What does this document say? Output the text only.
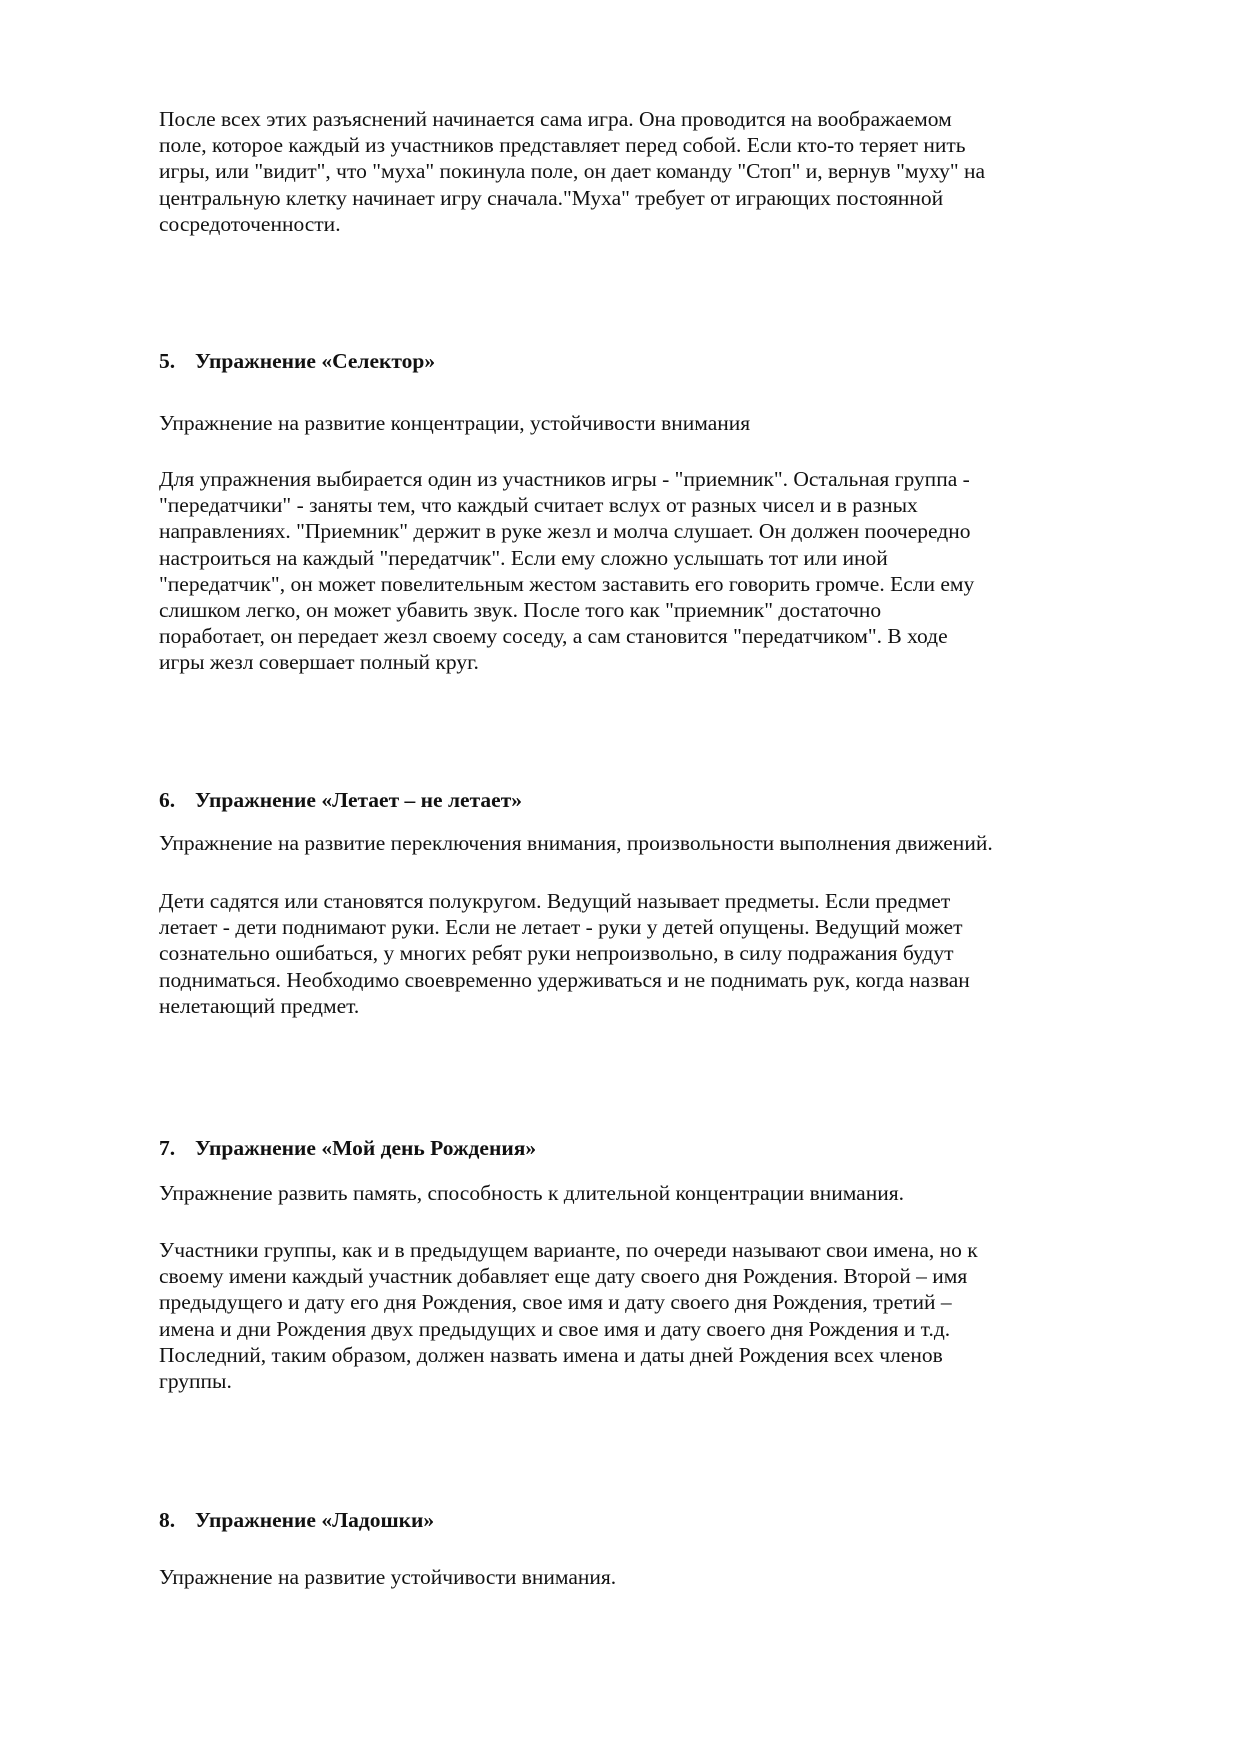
После всех этих разъяснений начинается сама игра. Она проводится на воображаемом
поле, которое каждый из участников представляет перед собой. Если кто-то теряет нить
игры, или "видит", что "муха" покинула поле, он дает команду "Стоп" и, вернув "муху" на
центральную клетку начинает игру сначала."Муха" требует от играющих постоянной
сосредоточенности.
5. Упражнение «Селектор»
Упражнение на развитие концентрации, устойчивости внимания
Для упражнения выбирается один из участников игры - "приемник". Остальная группа -
"передатчики" - заняты тем, что каждый считает вслух от разных чисел и в разных
направлениях. "Приемник" держит в руке жезл и молча слушает. Он должен поочередно
настроиться на каждый "передатчик". Если ему сложно услышать тот или иной
"передатчик", он может повелительным жестом заставить его говорить громче. Если ему
слишком легко, он может убавить звук. После того как "приемник" достаточно
поработает, он передает жезл своему соседу, а сам становится "передатчиком". В ходе
игры жезл совершает полный круг.
6. Упражнение «Летает – не летает»
Упражнение на развитие переключения внимания, произвольности выполнения движений.
Дети садятся или становятся полукругом. Ведущий называет предметы. Если предмет
летает - дети поднимают руки. Если не летает - руки у детей опущены. Ведущий может
сознательно ошибаться, у многих ребят руки непроизвольно, в силу подражания будут
подниматься. Необходимо своевременно удерживаться и не поднимать рук, когда назван
нелетающий предмет.
7. Упражнение «Мой день Рождения»
Упражнение развить память, способность к длительной концентрации внимания.
Участники группы, как и в предыдущем варианте, по очереди называют свои имена, но к
своему имени каждый участник добавляет еще дату своего дня Рождения. Второй – имя
предыдущего и дату его дня Рождения, свое имя и дату своего дня Рождения, третий –
имена и дни Рождения двух предыдущих и свое имя и дату своего дня Рождения и т.д.
Последний, таким образом, должен назвать имена и даты дней Рождения всех членов
группы.
8. Упражнение «Ладошки»
Упражнение на развитие устойчивости внимания.
